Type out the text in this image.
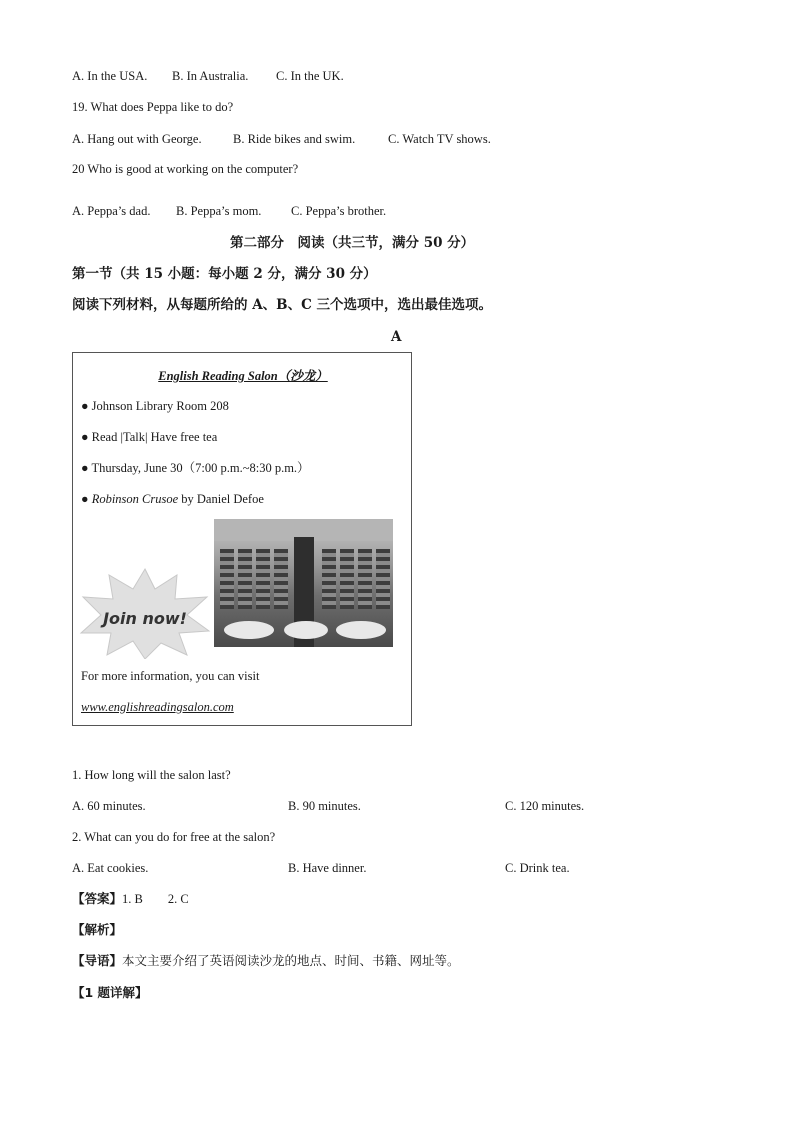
A. In the USA. B. In Australia. C. In the UK.
19. What does Peppa like to do?
A. Hang out with George.	B. Ride bikes and swim.	C. Watch TV shows.
20 Who is good at working on the computer?
A. Peppa’s dad. B. Peppa’s mom. C. Peppa’s brother.
第二部分　阅读（共三节，满分 50 分）
第一节（共 15 小题：每小题 2 分，满分 30 分）
阅读下列材料，从每题所给的 A、B、C 三个选项中，选出最佳选项。
A
English Reading Salon（沙龙）
● Johnson Library Room 208
● Read |Talk| Have free tea
● Thursday, June 30（7:00 p.m.~8:30 p.m.）
● Robinson Crusoe by Daniel Defoe
Join now!
For more information, you can visit
www.englishreadingsalon.com
1. How long will the salon last?
A. 60 minutes.	B. 90 minutes.	C. 120 minutes.
2. What can you do for free at the salon?
A. Eat cookies.	B. Have dinner.	C. Drink tea.
【答案】1. B        2. C
【解析】
【导语】本文主要介绍了英语阅读沙龙的地点、时间、书籍、网址等。
【1 题详解】
